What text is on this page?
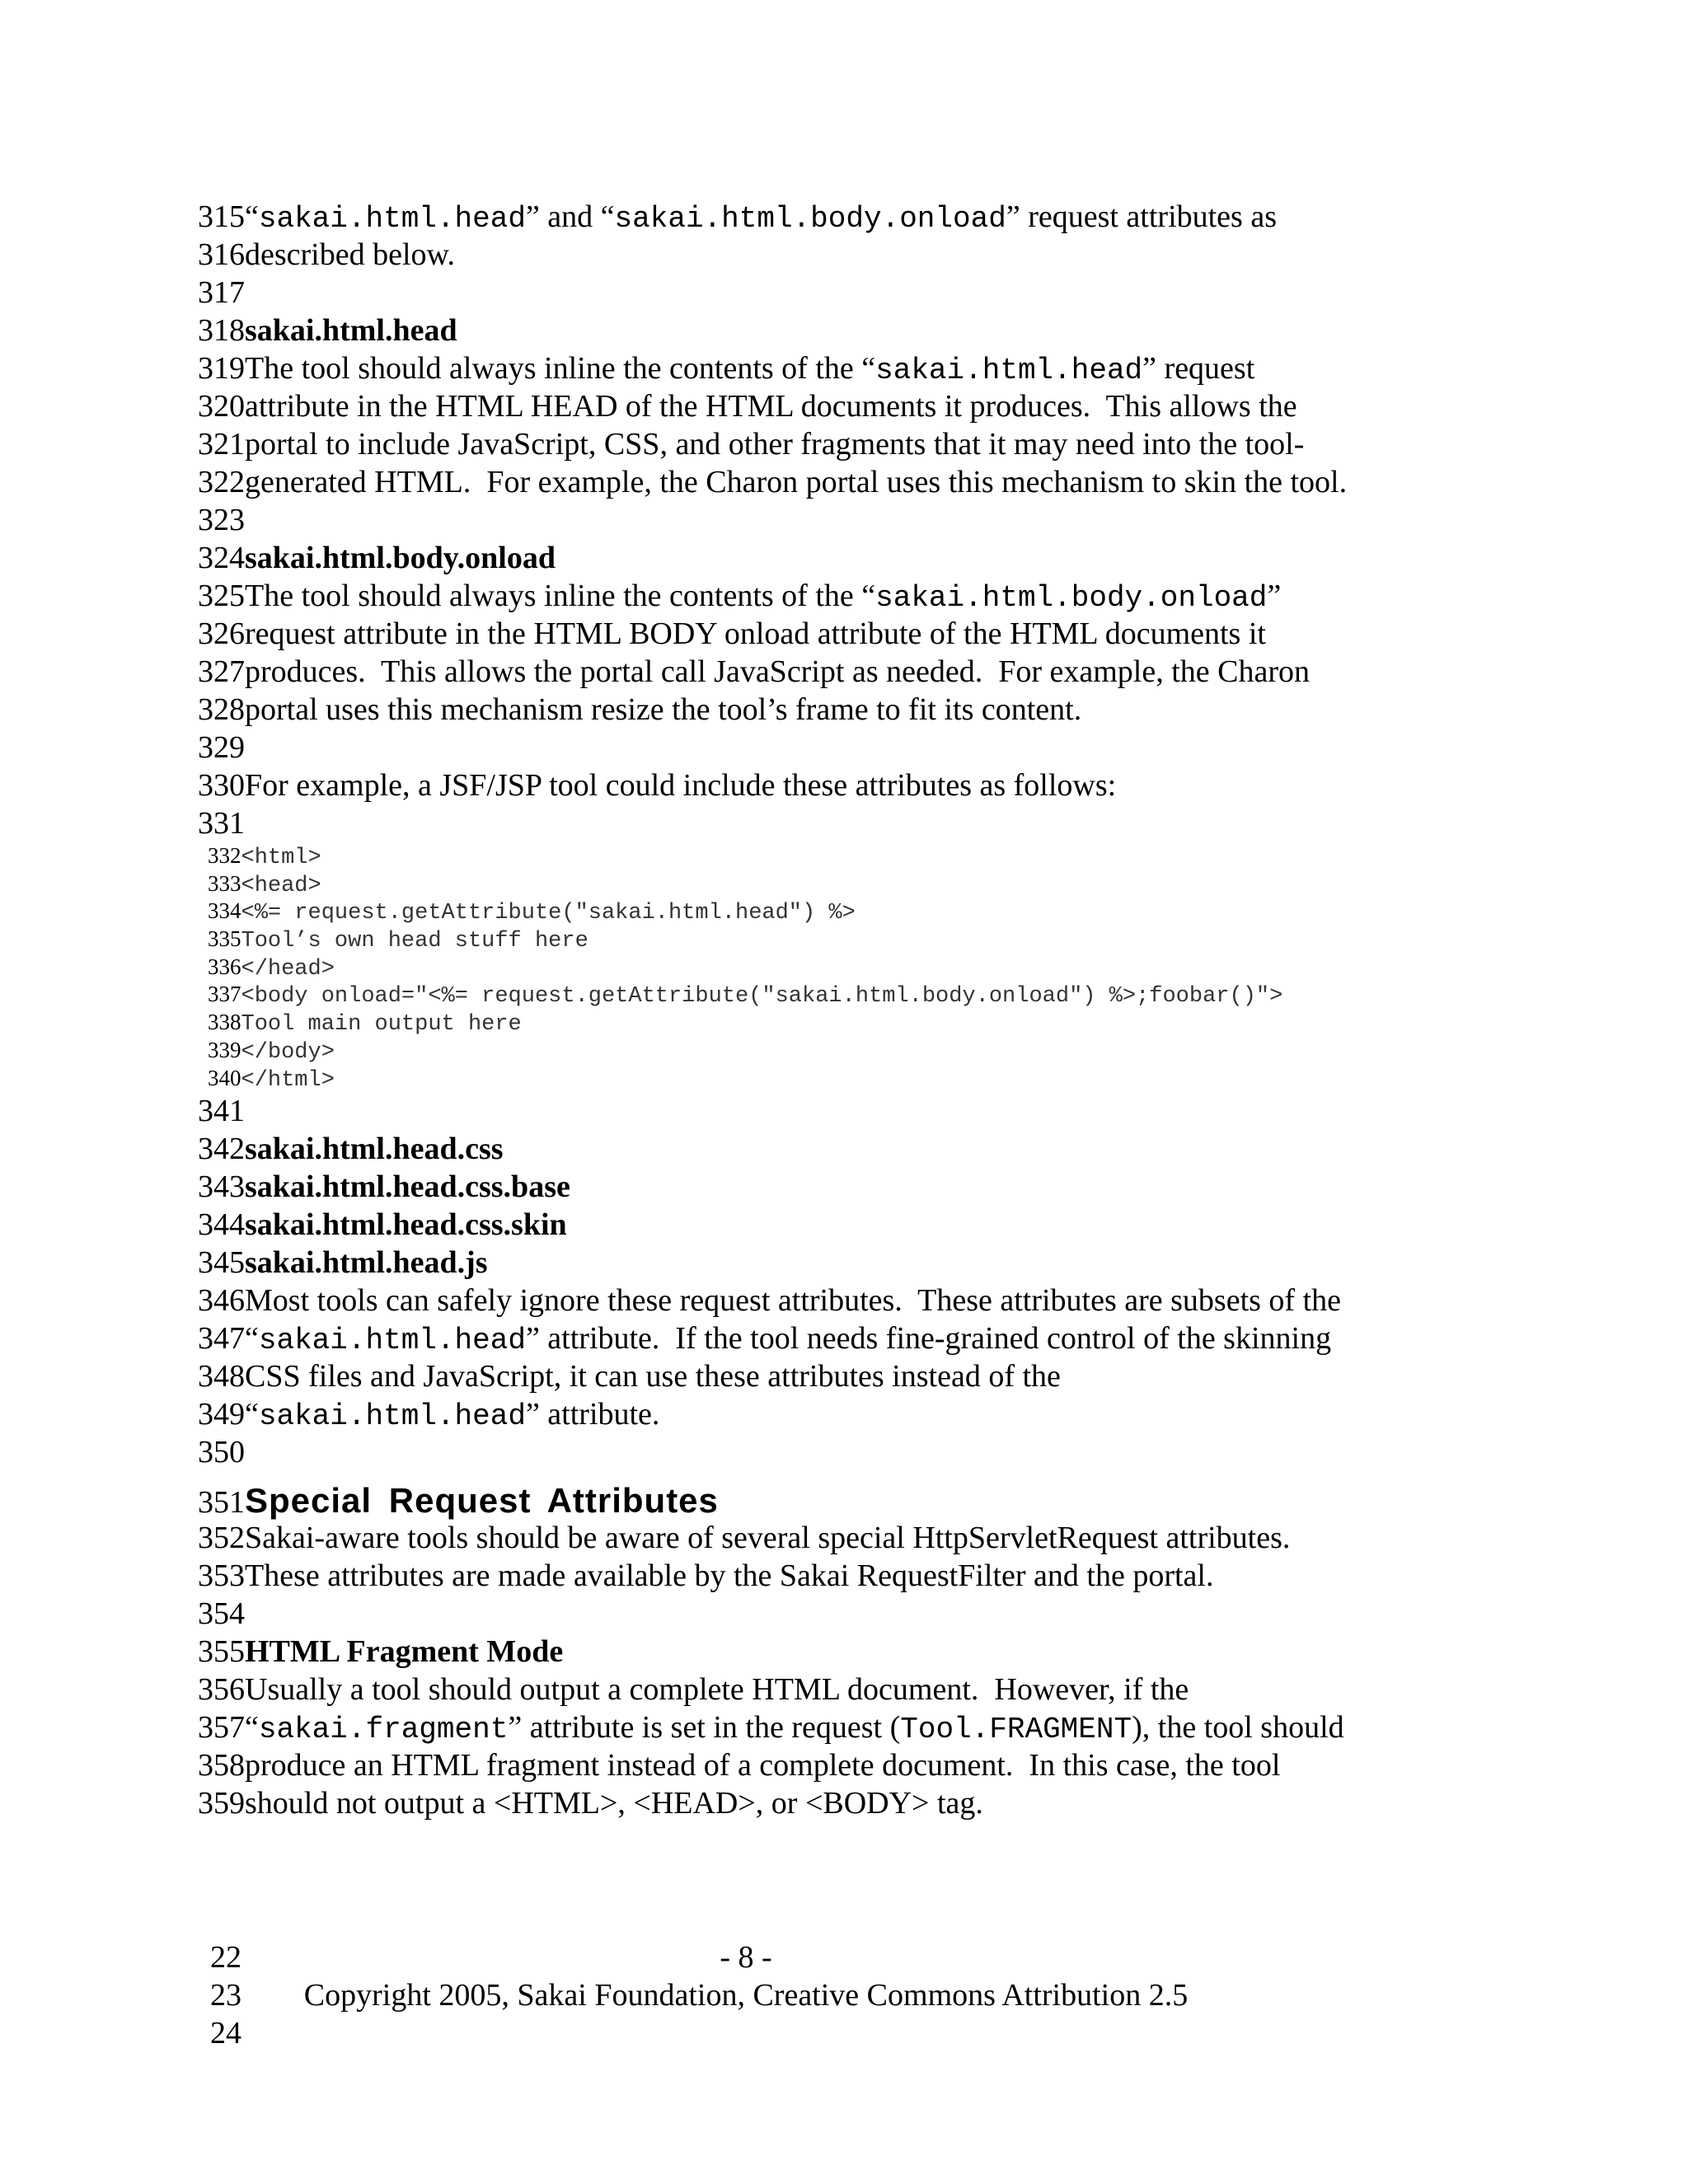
315“sakai.html.head” and “sakai.html.body.onload” request attributes as
316described below.
317
318sakai.html.head
319The tool should always inline the contents of the “sakai.html.head” request
320attribute in the HTML HEAD of the HTML documents it produces.  This allows the
321portal to include JavaScript, CSS, and other fragments that it may need into the tool-
322generated HTML.  For example, the Charon portal uses this mechanism to skin the tool.
323
324sakai.html.body.onload
325The tool should always inline the contents of the “sakai.html.body.onload”
326request attribute in the HTML BODY onload attribute of the HTML documents it
327produces.  This allows the portal call JavaScript as needed.  For example, the Charon
328portal uses this mechanism resize the tool’s frame to fit its content.
329
330For example, a JSF/JSP tool could include these attributes as follows:
331
332<html>
333<head>
334<%= request.getAttribute("sakai.html.head") %>
335Tool’s own head stuff here
336</head>
337<body onload="<%= request.getAttribute("sakai.html.body.onload") %>;foobar()">
338Tool main output here
339</body>
340</html>
341
342sakai.html.head.css
343sakai.html.head.css.base
344sakai.html.head.css.skin
345sakai.html.head.js
346Most tools can safely ignore these request attributes.  These attributes are subsets of the
347“sakai.html.head” attribute.  If the tool needs fine-grained control of the skinning
348CSS files and JavaScript, it can use these attributes instead of the
349“sakai.html.head” attribute.
350
351Special Request Attributes
352Sakai-aware tools should be aware of several special HttpServletRequest attributes.
353These attributes are made available by the Sakai RequestFilter and the portal.
354
355HTML Fragment Mode
356Usually a tool should output a complete HTML document.  However, if the
357“sakai.fragment” attribute is set in the request (Tool.FRAGMENT), the tool should
358produce an HTML fragment instead of a complete document.  In this case, the tool
359should not output a <HTML>, <HEAD>, or <BODY> tag.
22	- 8 -
23	Copyright 2005, Sakai Foundation, Creative Commons Attribution 2.5
24
